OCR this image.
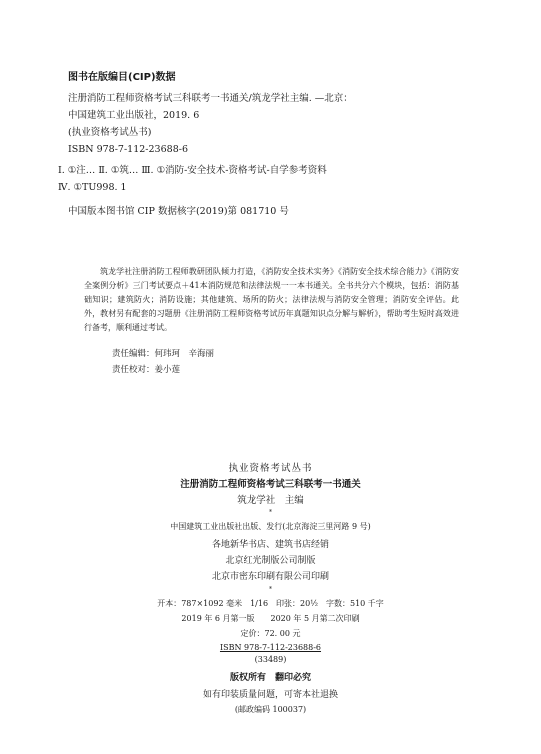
图书在版编目(CIP)数据
注册消防工程师资格考试三科联考一书通关/筑龙学社主编. —北京：
中国建筑工业出版社，2019. 6
(执业资格考试丛书)
ISBN 978-7-112-23688-6
Ⅰ. ①注… Ⅱ. ①筑… Ⅲ. ①消防-安全技术-资格考试-自学参考资料
Ⅳ. ①TU998. 1
中国版本图书馆 CIP 数据核字(2019)第 081710 号

筑龙学社注册消防工程师教研团队倾力打造，《消防安全技术实务》《消防安全技术综合能力》《消防安全案例分析》三门考试要点＋41本消防规范和法律法规一一本书通关。全书共分六个模块，包括：消防基础知识；建筑防火；消防设施；其他建筑、场所的防火；法律法规与消防安全管理；消防安全评估。此外，教材另有配套的习题册《注册消防工程师资格考试历年真题知识点分解与解析》，帮助考生短时高效进行备考，顺利通过考试。

责任编辑：何玮珂　辛海丽
责任校对：姜小莲
执业资格考试丛书
注册消防工程师资格考试三科联考一书通关
筑龙学社　主编
*
中国建筑工业出版社出版、发行(北京海淀三里河路 9 号)
各地新华书店、建筑书店经销
北京红光制版公司制版
北京市密东印刷有限公司印刷
*
开本：787×1092 毫米　1/16　印张：20½　字数：510 千字
2019 年 6 月第一版　　2020 年 5 月第二次印刷
定价：72. 00 元
ISBN 978-7-112-23688-6
(33489)
版权所有　翻印必究
如有印装质量问题，可寄本社退换
(邮政编码 100037)
